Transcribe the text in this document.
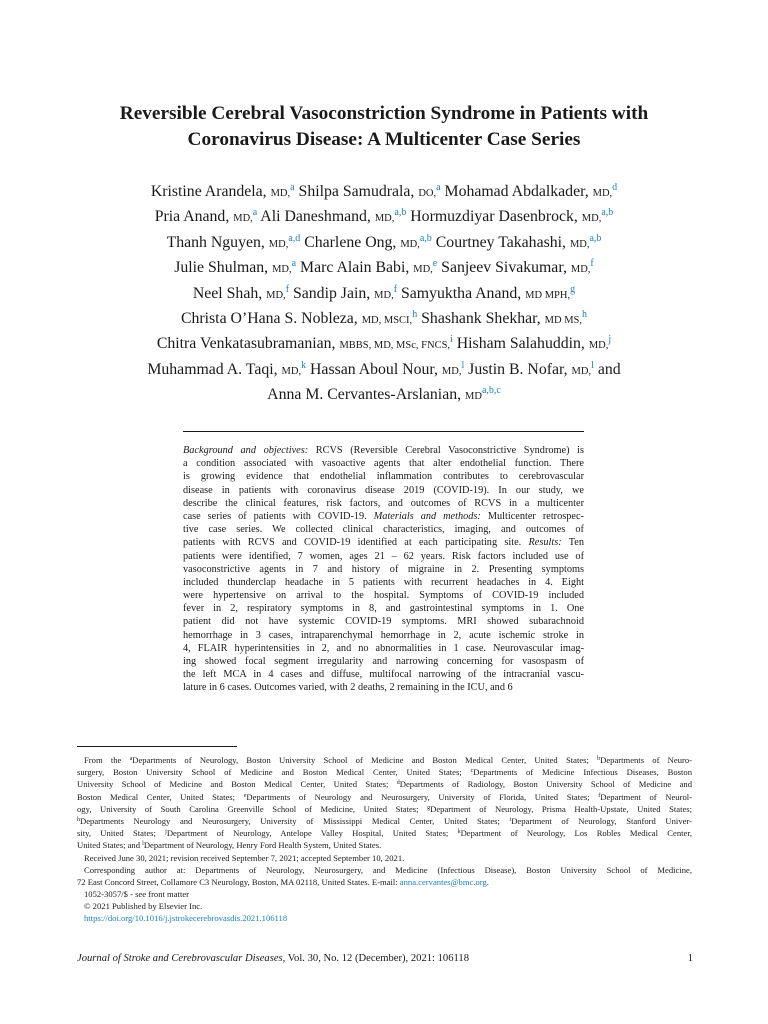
Reversible Cerebral Vasoconstriction Syndrome in Patients with
Coronavirus Disease: A Multicenter Case Series
Kristine Arandela, MD,$^a$ Shilpa Samudrala, DO,$^a$ Mohamad Abdalkader, MD,$^d$
Pria Anand, MD,$^a$ Ali Daneshmand, MD,$^{a,b}$ Hormuzdiyar Dasenbrock, MD,$^{a,b}$
Thanh Nguyen, MD,$^{a,d}$ Charlene Ong, MD,$^{a,b}$ Courtney Takahashi, MD,$^{a,b}$
Julie Shulman, MD,$^a$ Marc Alain Babi, MD,$^e$ Sanjeev Sivakumar, MD,$^f$
Neel Shah, MD,$^f$ Sandip Jain, MD,$^f$ Samyuktha Anand, MD MPH,$^g$
Christa O’Hana S. Nobleza, MD, MSCI,$^h$ Shashank Shekhar, MD MS,$^h$
Chitra Venkatasubramanian, MBBS, MD, MSc, FNCS,$^i$ Hisham Salahuddin, MD,$^j$
Muhammad A. Taqi, MD,$^k$ Hassan Aboul Nour, MD,$^l$ Justin B. Nofar, MD,$^l$ and
Anna M. Cervantes-Arslanian, MD$^{a,b,c}$
Background and objectives: RCVS (Reversible Cerebral Vasoconstrictive Syndrome) is
a condition associated with vasoactive agents that alter endothelial function. There
is growing evidence that endothelial inflammation contributes to cerebrovascular
disease in patients with coronavirus disease 2019 (COVID-19). In our study, we
describe the clinical features, risk factors, and outcomes of RCVS in a multicenter
case series of patients with COVID-19. Materials and methods: Multicenter retrospec-
tive case series. We collected clinical characteristics, imaging, and outcomes of
patients with RCVS and COVID-19 identified at each participating site. Results: Ten
patients were identified, 7 women, ages 21 – 62 years. Risk factors included use of
vasoconstrictive agents in 7 and history of migraine in 2. Presenting symptoms
included thunderclap headache in 5 patients with recurrent headaches in 4. Eight
were hypertensive on arrival to the hospital. Symptoms of COVID-19 included
fever in 2, respiratory symptoms in 8, and gastrointestinal symptoms in 1. One
patient did not have systemic COVID-19 symptoms. MRI showed subarachnoid
hemorrhage in 3 cases, intraparenchymal hemorrhage in 2, acute ischemic stroke in
4, FLAIR hyperintensities in 2, and no abnormalities in 1 case. Neurovascular imag-
ing showed focal segment irregularity and narrowing concerning for vasospasm of
the left MCA in 4 cases and diffuse, multifocal narrowing of the intracranial vascu-
lature in 6 cases. Outcomes varied, with 2 deaths, 2 remaining in the ICU, and 6
From the $^a$Departments of Neurology, Boston University School of Medicine and Boston Medical Center, United States; $^b$Departments of Neuro-
surgery, Boston University School of Medicine and Boston Medical Center, United States; $^c$Departments of Medicine Infectious Diseases, Boston
University School of Medicine and Boston Medical Center, United States; $^d$Departments of Radiology, Boston University School of Medicine and
Boston Medical Center, United States; $^e$Departments of Neurology and Neurosurgery, University of Florida, United States; $^f$Department of Neurol-
ogy, University of South Carolina Greenville School of Medicine, United States; $^g$Department of Neurology, Prisma Health-Upstate, United States;
$^h$Departments Neurology and Neurosurgery, University of Mississippi Medical Center, United States; $^i$Department of Neurology, Stanford Univer-
sity, United States; $^j$Department of Neurology, Antelope Valley Hospital, United States; $^k$Department of Neurology, Los Robles Medical Center,
United States; and $^l$Department of Neurology, Henry Ford Health System, United States.
Received June 30, 2021; revision received September 7, 2021; accepted September 10, 2021.
Corresponding author at: Departments of Neurology, Neurosurgery, and Medicine (Infectious Disease), Boston University School of Medicine,
72 East Concord Street, Collamore C3 Neurology, Boston, MA 02118, United States. E-mail: anna.cervantes@bmc.org.
1052-3057/$ - see front matter
© 2021 Published by Elsevier Inc.
https://doi.org/10.1016/j.jstrokecerebrovasdis.2021.106118
Journal of Stroke and Cerebrovascular Diseases, Vol. 30, No. 12 (December), 2021: 106118	1
